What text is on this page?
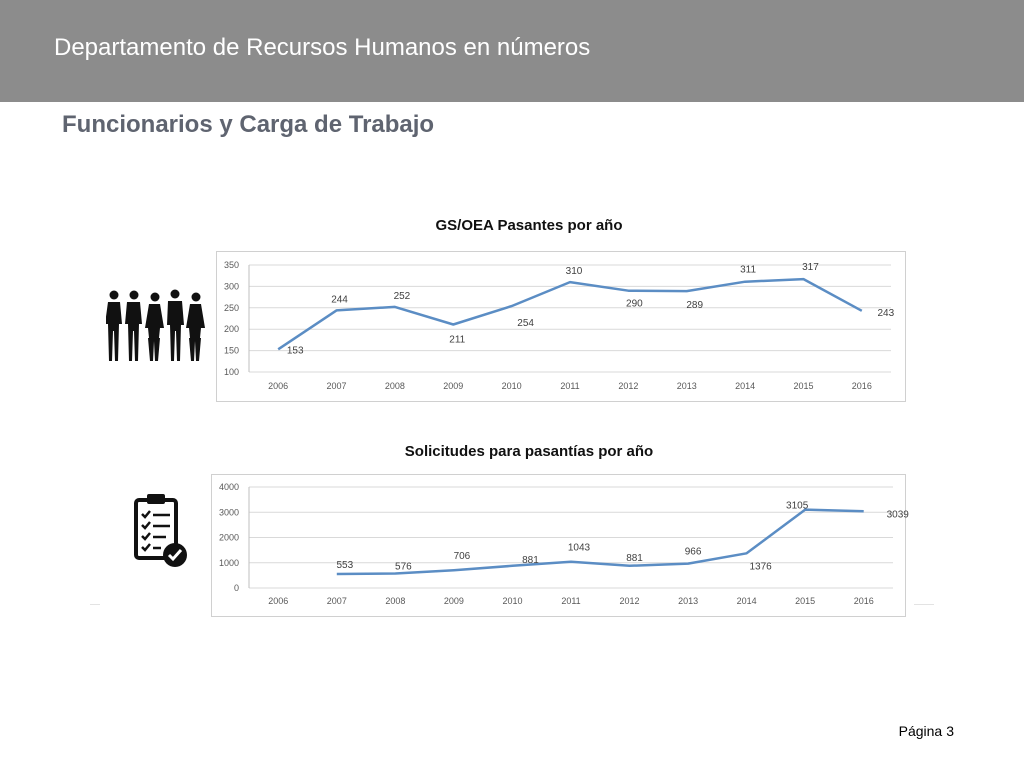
Departamento de Recursos Humanos en números
Funcionarios y Carga de Trabajo
GS/OEA Pasantes por año
100
150
200
250
300
350
2006	2007	2008	2009	2010	2011	2012	2013	2014	2015	2016
153
244	252
211
254
310
290	289
311	317
243
Solicitudes para pasantías por año
0
1000
2000
3000
4000
2006	2007	2008	2009	2010	2011	2012	2013	2014	2015	2016
553	576
706	881
1043
881
966
1376
3105
3039
Página 3
